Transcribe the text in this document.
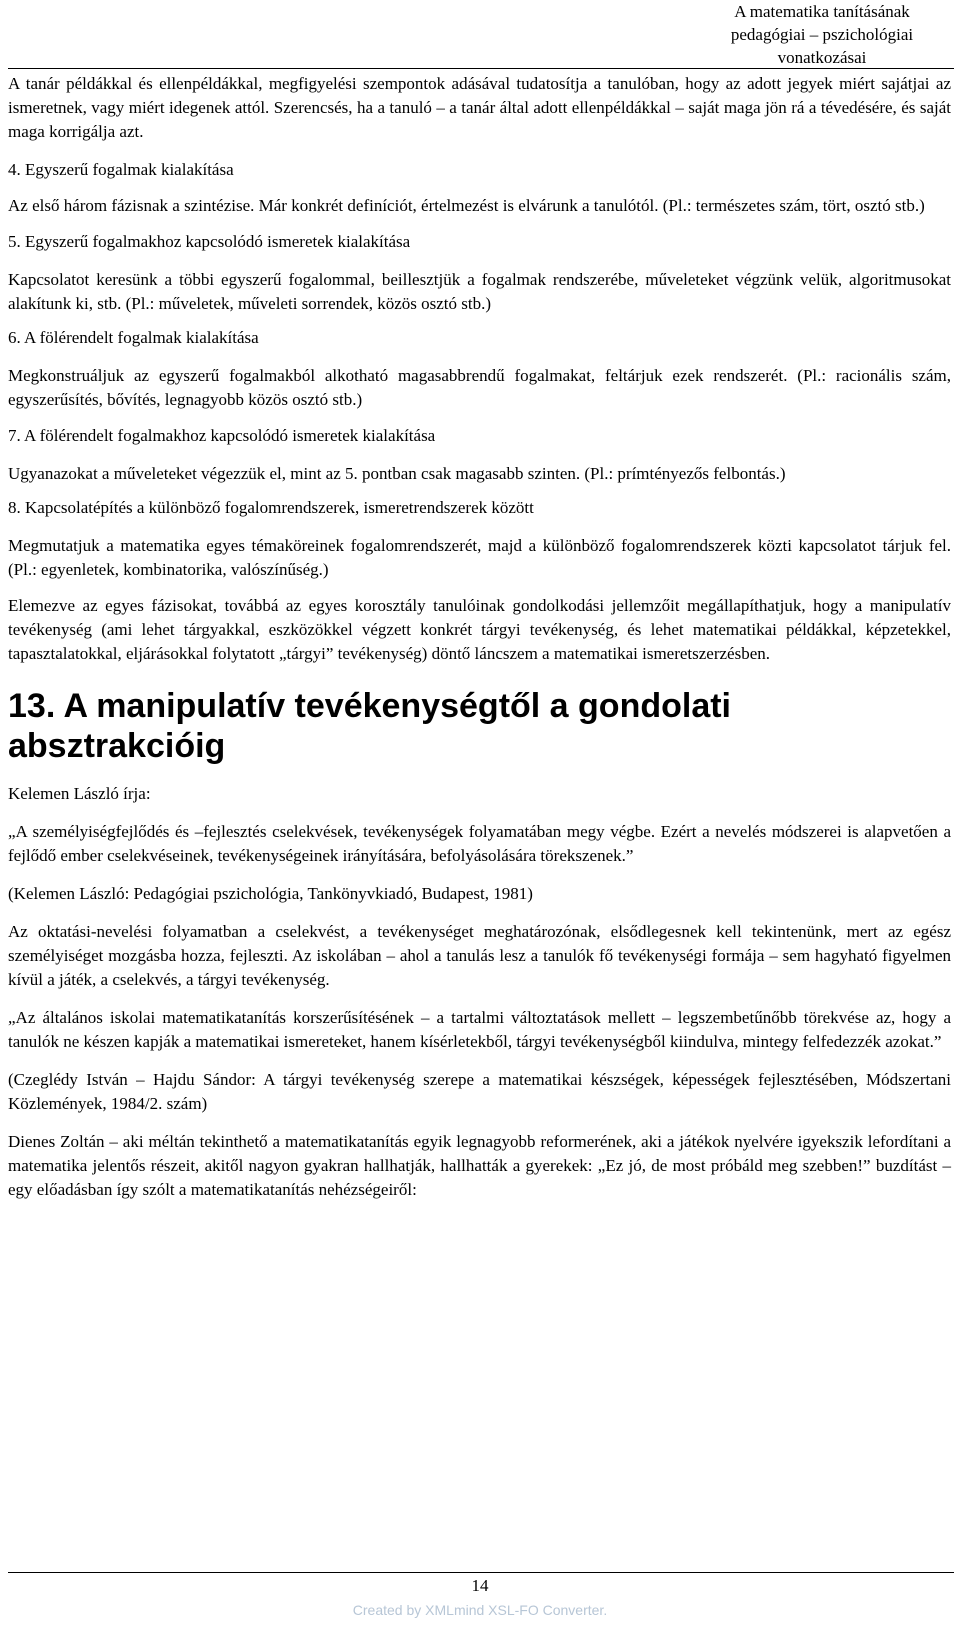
A matematika tanításának
pedagógiai – pszichológiai
vonatkozásai

A tanár példákkal és ellenpéldákkal, megfigyelési szempontok adásával tudatosítja a tanulóban, hogy az adott jegyek miért sajátjai az ismeretnek, vagy miért idegenek attól. Szerencsés, ha a tanuló – a tanár által adott ellenpéldákkal – saját maga jön rá a tévedésére, és saját maga korrigálja azt.

4. Egyszerű fogalmak kialakítása

Az első három fázisnak a szintézise. Már konkrét definíciót, értelmezést is elvárunk a tanulótól. (Pl.: természetes szám, tört, osztó stb.)

5. Egyszerű fogalmakhoz kapcsolódó ismeretek kialakítása

Kapcsolatot keresünk a többi egyszerű fogalommal, beillesztjük a fogalmak rendszerébe, műveleteket végzünk velük, algoritmusokat alakítunk ki, stb. (Pl.: műveletek, műveleti sorrendek, közös osztó stb.)

6. A fölérendelt fogalmak kialakítása

Megkonstruáljuk az egyszerű fogalmakból alkotható magasabbrendű fogalmakat, feltárjuk ezek rendszerét. (Pl.: racionális szám, egyszerűsítés, bővítés, legnagyobb közös osztó stb.)

7. A fölérendelt fogalmakhoz kapcsolódó ismeretek kialakítása

Ugyanazokat a műveleteket végezzük el, mint az 5. pontban csak magasabb szinten. (Pl.: prímtényezős felbontás.)

8. Kapcsolatépítés a különböző fogalomrendszerek, ismeretrendszerek között

Megmutatjuk a matematika egyes témaköreinek fogalomrendszerét, majd a különböző fogalomrendszerek közti kapcsolatot tárjuk fel. (Pl.: egyenletek, kombinatorika, valószínűség.)

Elemezve az egyes fázisokat, továbbá az egyes korosztály tanulóinak gondolkodási jellemzőit megállapíthatjuk, hogy a manipulatív tevékenység (ami lehet tárgyakkal, eszközökkel végzett konkrét tárgyi tevékenység, és lehet matematikai példákkal, képzetekkel, tapasztalatokkal, eljárásokkal folytatott „tárgyi” tevékenység) döntő láncszem a matematikai ismeretszerzésben.

13. A manipulatív tevékenységtől a gondolati absztrakcióig

Kelemen László írja:

„A személyiségfejlődés és –fejlesztés cselekvések, tevékenységek folyamatában megy végbe. Ezért a nevelés módszerei is alapvetően a fejlődő ember cselekvéseinek, tevékenységeinek irányítására, befolyásolására törekszenek.”

(Kelemen László: Pedagógiai pszichológia, Tankönyvkiadó, Budapest, 1981)

Az oktatási-nevelési folyamatban a cselekvést, a tevékenységet meghatározónak, elsődlegesnek kell tekintenünk, mert az egész személyiséget mozgásba hozza, fejleszti. Az iskolában – ahol a tanulás lesz a tanulók fő tevékenységi formája – sem hagyható figyelmen kívül a játék, a cselekvés, a tárgyi tevékenység.

„Az általános iskolai matematikatanítás korszerűsítésének – a tartalmi változtatások mellett – legszembetűnőbb törekvése az, hogy a tanulók ne készen kapják a matematikai ismereteket, hanem kísérletekből, tárgyi tevékenységből kiindulva, mintegy felfedezzék azokat.”

(Czeglédy István – Hajdu Sándor: A tárgyi tevékenység szerepe a matematikai készségek, képességek fejlesztésében, Módszertani Közlemények, 1984/2. szám)

Dienes Zoltán – aki méltán tekinthető a matematikatanítás egyik legnagyobb reformerének, aki a játékok nyelvére igyekszik lefordítani a matematika jelentős részeit, akitől nagyon gyakran hallhatják, hallhatták a gyerekek: „Ez jó, de most próbáld meg szebben!” buzdítást – egy előadásban így szólt a matematikatanítás nehézségeiről:

14
Created by XMLmind XSL-FO Converter.
